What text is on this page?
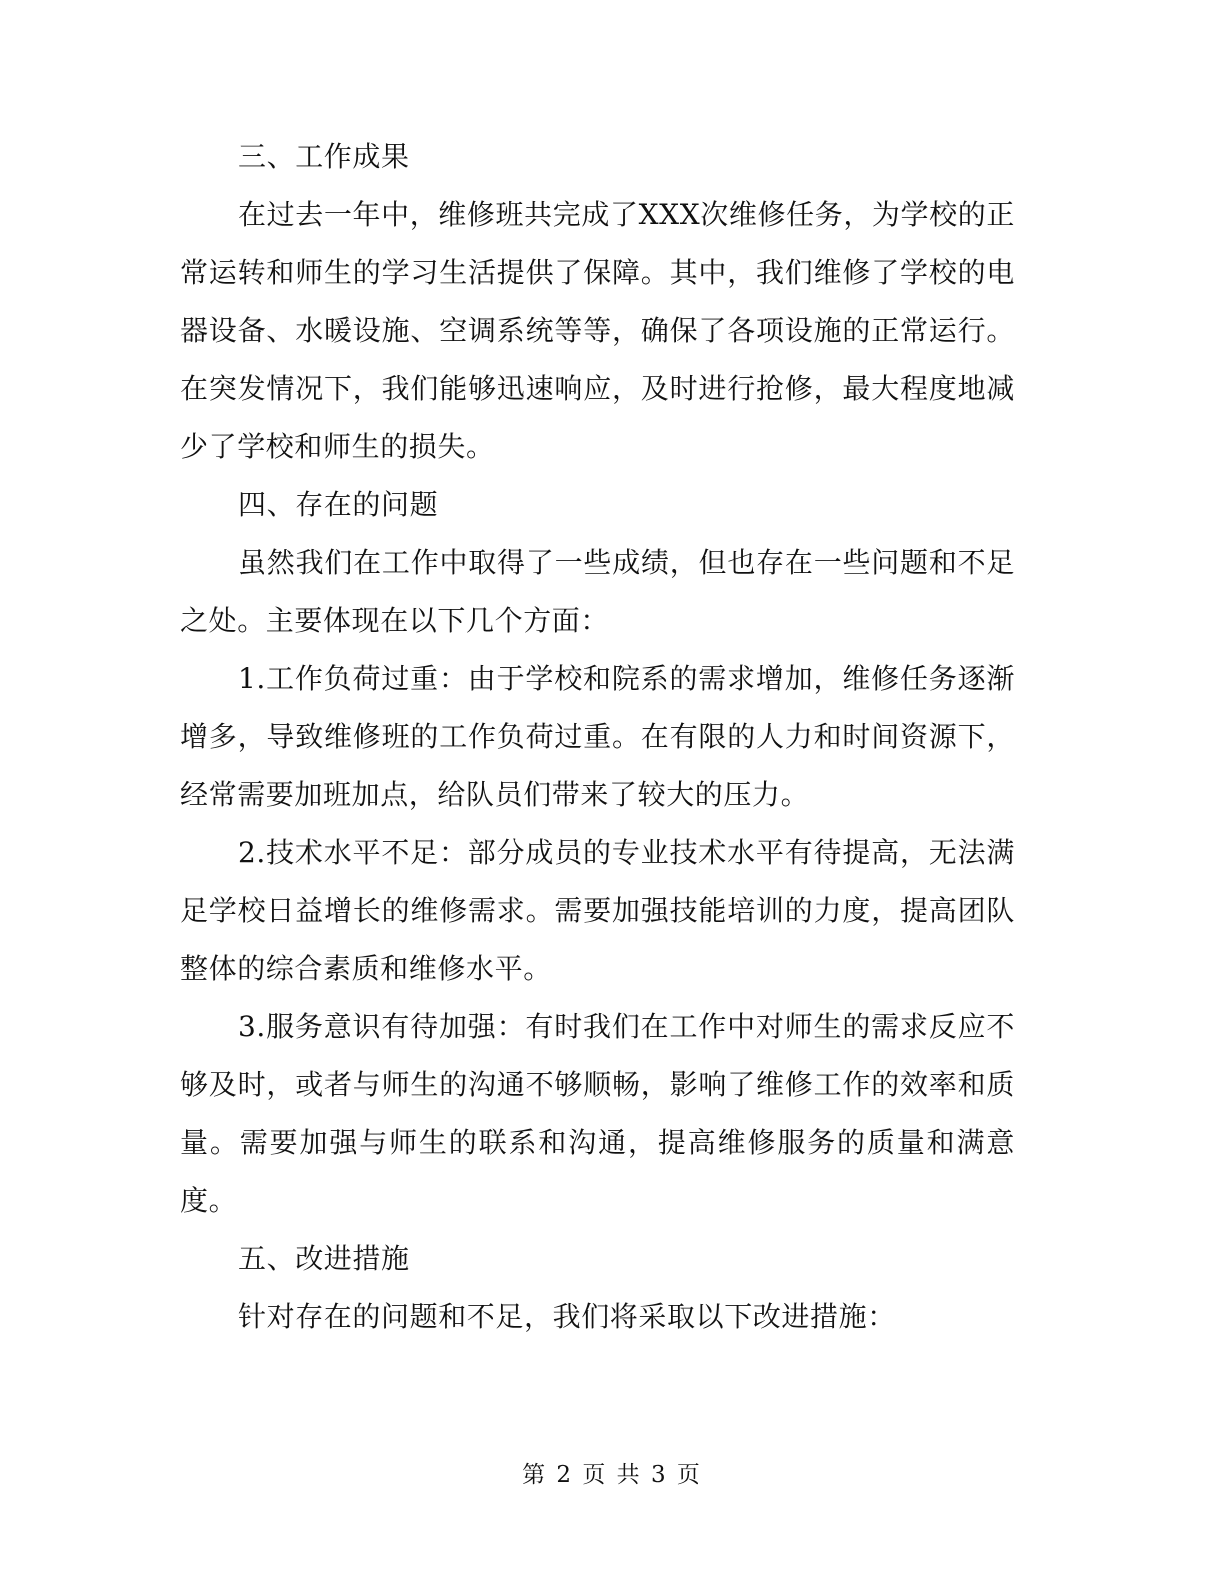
三、工作成果

在过去一年中，维修班共完成了XXX次维修任务，为学校的正常运转和师生的学习生活提供了保障。其中，我们维修了学校的电器设备、水暖设施、空调系统等等，确保了各项设施的正常运行。在突发情况下，我们能够迅速响应，及时进行抢修，最大程度地减少了学校和师生的损失。

四、存在的问题

虽然我们在工作中取得了一些成绩，但也存在一些问题和不足之处。主要体现在以下几个方面：

1.工作负荷过重：由于学校和院系的需求增加，维修任务逐渐增多，导致维修班的工作负荷过重。在有限的人力和时间资源下，经常需要加班加点，给队员们带来了较大的压力。

2.技术水平不足：部分成员的专业技术水平有待提高，无法满足学校日益增长的维修需求。需要加强技能培训的力度，提高团队整体的综合素质和维修水平。

3.服务意识有待加强：有时我们在工作中对师生的需求反应不够及时，或者与师生的沟通不够顺畅，影响了维修工作的效率和质量。需要加强与师生的联系和沟通，提高维修服务的质量和满意度。

五、改进措施

针对存在的问题和不足，我们将采取以下改进措施：

第 2 页 共 3 页
